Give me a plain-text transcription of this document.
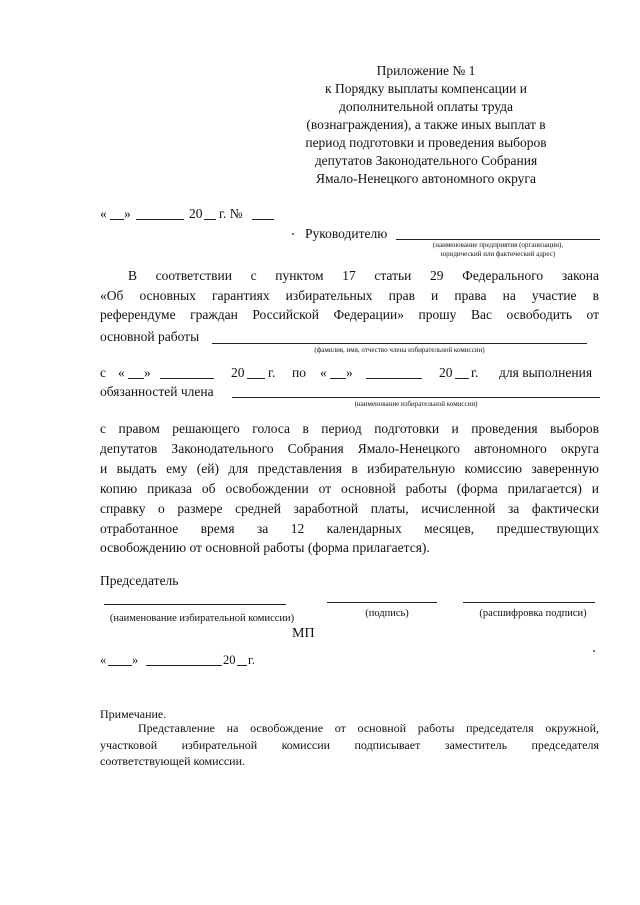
Приложение № 1
к Порядку выплаты компенсации и
дополнительной оплаты труда
(вознаграждения), а также иных выплат в
период подготовки и проведения выборов
депутатов Законодательного Собрания
Ямало-Ненецкого автономного округа
« »	20 г. №
Руководителю
(наименование предприятия (организации),
юридический или фактический адрес)
В соответствии с пунктом 17 статьи 29 Федерального закона
«Об основных гарантиях избирательных прав и права на участие в
референдуме граждан Российской Федерации» прошу Вас освободить от
основной работы
(фамилия, имя, отчество члена избирательной комиссии)
с « »	20 г. по « »	20 г. для выполнения
обязанностей члена
(наименование избирательной комиссии)
с правом решающего голоса в период подготовки и проведения выборов
депутатов Законодательного Собрания Ямало-Ненецкого автономного округа
и выдать ему (ей) для представления в избирательную комиссию заверенную
копию приказа об освобождении от основной работы (форма прилагается) и
справку о размере средней заработной платы, исчисленной за фактически
отработанное время за 12 календарных месяцев, предшествующих
освобождению от основной работы (форма прилагается).
Председатель
(наименование избирательной комиссии)	(подпись)	(расшифровка подписи)
МП
« »	20 г.
Примечание.
Представление на освобождение от основной работы председателя окружной,
участковой избирательной комиссии подписывает заместитель председателя
соответствующей комиссии.
